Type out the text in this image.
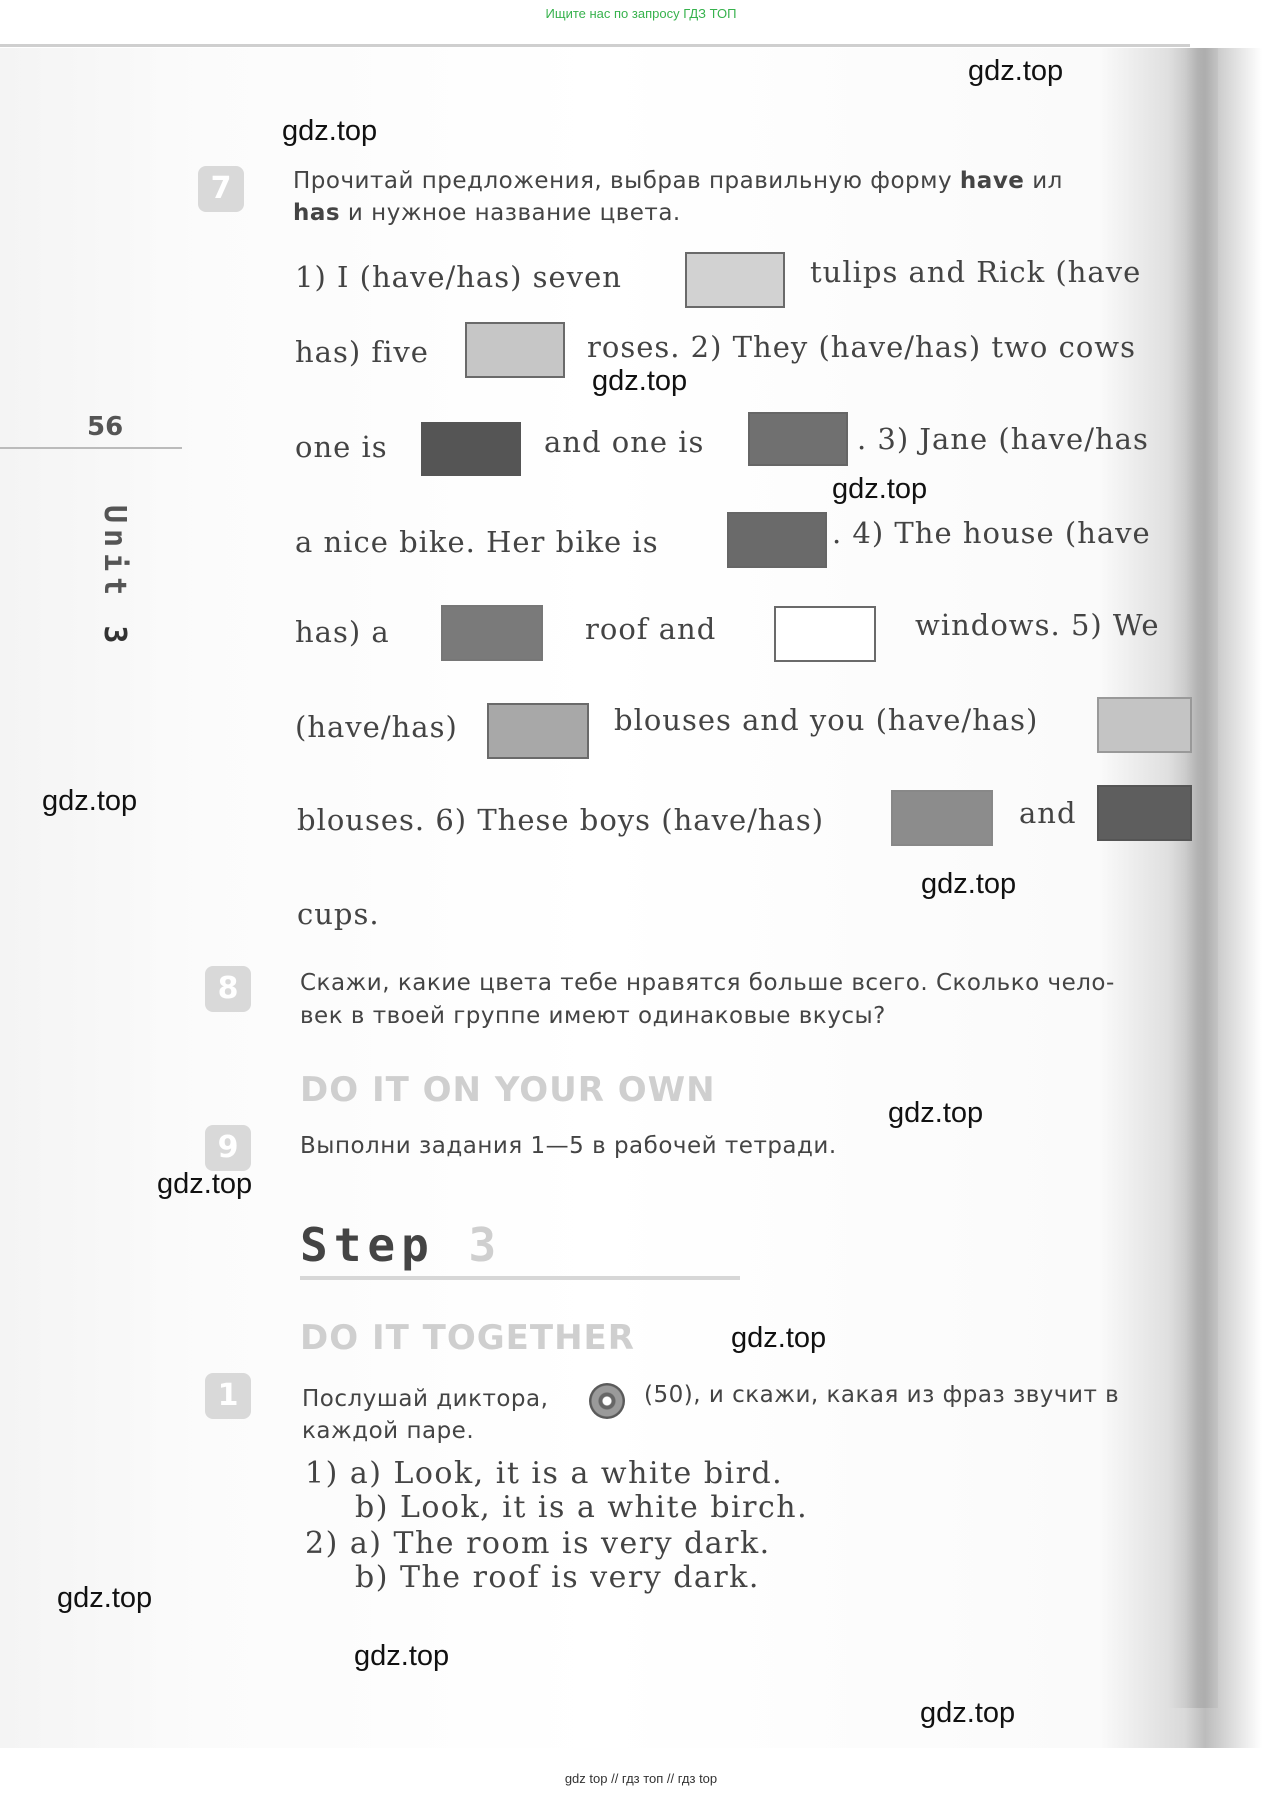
Ищите нас по запросу ГДЗ ТОП
56
Unit 3
7	Прочитай предложения, выбрав правильную форму have ил
has и нужное название цвета.
1) I (have/has) seven	tulips and Rick (have
has) five	roses. 2) They (have/has) two cows
one is	and one is	. 3) Jane (have/has
a nice bike. Her bike is	. 4) The house (have
has) a	roof and	windows. 5) We
(have/has)	blouses and you (have/has)
blouses. 6) These boys (have/has)	and
cups.
8	Скажи, какие цвета тебе нравятся больше всего. Сколько чело-
век в твоей группе имеют одинаковые вкусы?
DO IT ON YOUR OWN
9	Выполни задания 1—5 в рабочей тетради.
Step 3
DO IT TOGETHER
1	Послушай диктора,	(50), и скажи, какая из фраз звучит в
каждой паре.
1) a) Look, it is a white bird.
b) Look, it is a white birch.
2) a) The room is very dark.
b) The roof is very dark.
gdz.top
gdz.top
gdz.top
gdz.top
gdz.top
gdz.top
gdz.top
gdz.top
gdz.top
gdz.top
gdz.top
gdz.top
gdz top // гдз топ // гдз top
